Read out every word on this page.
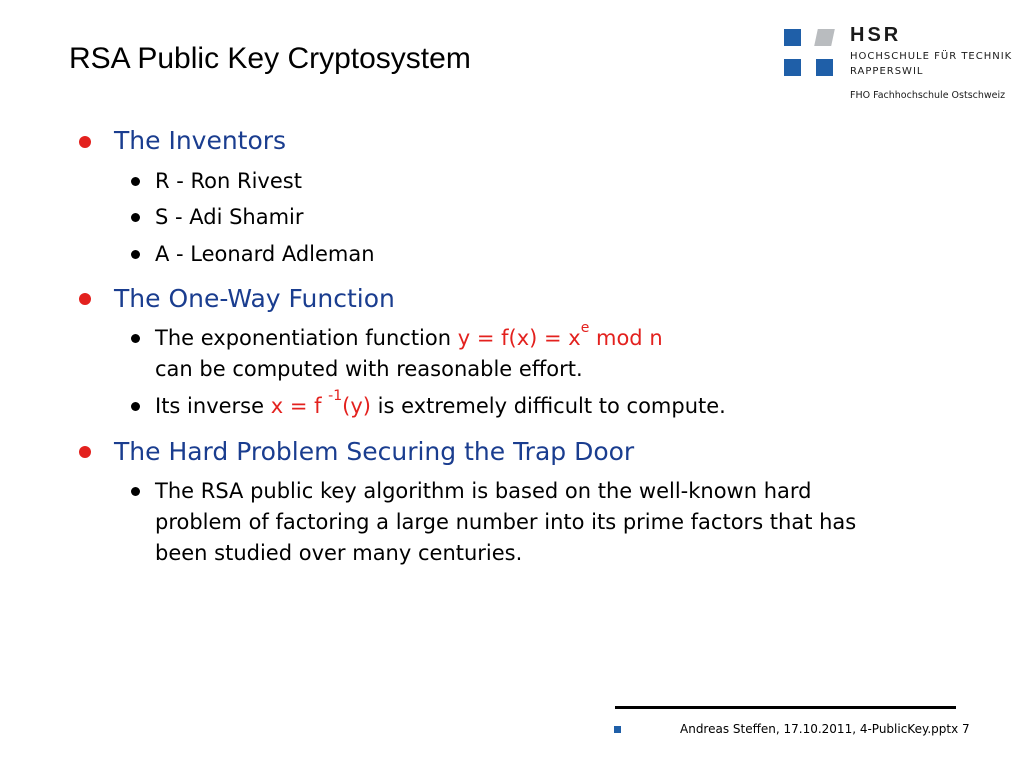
RSA Public Key Cryptosystem
HSR
HOCHSCHULE FÜR TECHNIK
RAPPERSWIL
FHO Fachhochschule Ostschweiz
The Inventors
R - Ron Rivest
S - Adi Shamir
A - Leonard Adleman
The One-Way Function
The exponentiation function $y = f(x) = x^e$ mod n
can be computed with reasonable effort.
Its inverse x = f $^{-1}$(y) is extremely difficult to compute.
The Hard Problem Securing the Trap Door
The RSA public key algorithm is based on the well-known hard
problem of factoring a large number into its prime factors that has
been studied over many centuries.
Andreas Steffen, 17.10.2011, 4-PublicKey.pptx 7
